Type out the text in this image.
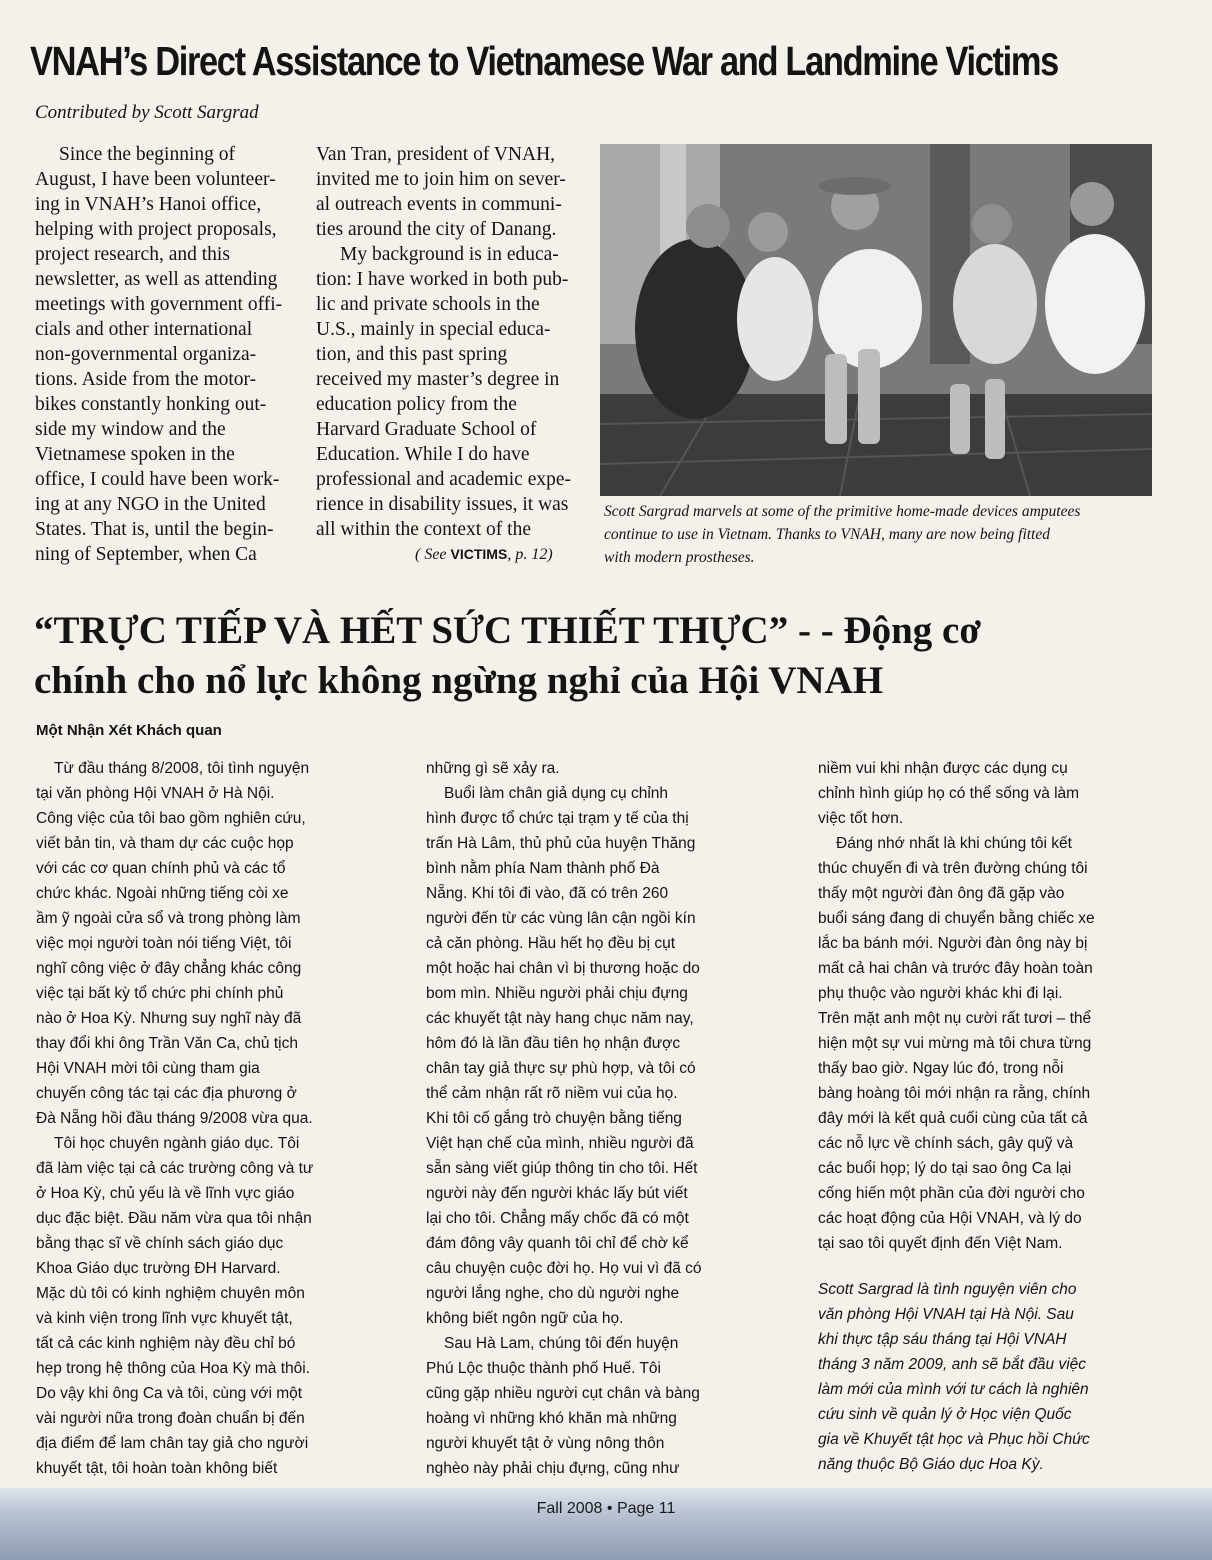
VNAH’s Direct Assistance to Vietnamese War and Landmine Victims
Contributed by Scott Sargrad

Since the beginning of
August, I have been volunteer-
ing in VNAH’s Hanoi office,
helping with project proposals,
project research, and this
newsletter, as well as attending
meetings with government offi-
cials and other international
non-governmental organiza-
tions. Aside from the motor-
bikes constantly honking out-
side my window and the
Vietnamese spoken in the
office, I could have been work-
ing at any NGO in the United
States. That is, until the begin-
ning of September, when Ca

Van Tran, president of VNAH,
invited me to join him on sever-
al outreach events in communi-
ties around the city of Danang.

My background is in educa-
tion: I have worked in both pub-
lic and private schools in the
U.S., mainly in special educa-
tion, and this past spring
received my master’s degree in
education policy from the
Harvard Graduate School of
Education. While I do have
professional and academic expe-
rience in disability issues, it was
all within the context of the

( See VICTIMS, p. 12)
Scott Sargrad marvels at some of the primitive home-made devices amputees
continue to use in Vietnam. Thanks to VNAH, many are now being fitted
with modern prostheses.
“TRỰC TIẾP VÀ HẾT SỨC THIẾT THỰC” - - Động cơ
chính cho nổ lực không ngừng nghỉ của Hội VNAH
Một Nhận Xét Khách quan

Từ đầu tháng 8/2008, tôi tình nguyện
tại văn phòng Hội VNAH ở Hà Nội.
Công việc của tôi bao gồm nghiên cứu,
viết bản tin, và tham dự các cuộc họp
với các cơ quan chính phủ và các tổ
chức khác. Ngoài những tiếng còi xe
ầm ỹ ngoài cửa sổ và trong phòng làm
việc mọi người toàn nói tiếng Việt, tôi
nghĩ công việc ở đây chẳng khác công
việc tại bất kỳ tổ chức phi chính phủ
nào ở Hoa Kỳ. Nhưng suy nghĩ này đã
thay đổi khi ông Trần Văn Ca, chủ tịch
Hội VNAH mời tôi cùng tham gia
chuyến công tác tại các địa phương ở
Đà Nẵng hồi đầu tháng 9/2008 vừa qua.

Tôi học chuyên ngành giáo dục. Tôi
đã làm việc tại cả các trường công và tư
ở Hoa Kỳ, chủ yếu là về lĩnh vực giáo
dục đặc biệt. Đầu năm vừa qua tôi nhận
bằng thạc sĩ về chính sách giáo dục
Khoa Giáo dục trường ĐH Harvard.
Mặc dù tôi có kinh nghiệm chuyên môn
và kinh viện trong lĩnh vực khuyết tật,
tất cả các kinh nghiệm này đều chỉ bó
hẹp trong hệ thông của Hoa Kỳ mà thôi.
Do vậy khi ông Ca và tôi, cùng với một
vài người nữa trong đoàn chuẩn bị đến
địa điểm để lam chân tay giả cho người
khuyết tật, tôi hoàn toàn không biết

những gì sẽ xảy ra.

Buổi làm chân giả dụng cụ chỉnh
hình được tổ chức tại trạm y tế của thị
trấn Hà Lâm, thủ phủ của huyện Thăng
bình nằm phía Nam thành phố Đà
Nẵng. Khi tôi đi vào, đã có trên 260
người đến từ các vùng lân cận ngồi kín
cả căn phòng. Hầu hết họ đều bị cụt
một hoặc hai chân vì bị thương hoặc do
bom mìn. Nhiều người phải chịu đựng
các khuyết tật này hang chục năm nay,
hôm đó là lần đầu tiên họ nhận được
chân tay giả thực sự phù hợp, và tôi có
thể cảm nhận rất rõ niềm vui của họ.
Khi tôi cố gắng trò chuyện bằng tiếng
Việt hạn chế của mình, nhiều người đã
sẵn sàng viết giúp thông tin cho tôi. Hết
người này đến người khác lấy bút viết
lại cho tôi. Chẳng mấy chốc đã có một
đám đông vây quanh tôi chỉ để chờ kể
câu chuyện cuộc đời họ. Họ vui vì đã có
người lắng nghe, cho dù người nghe
không biết ngôn ngữ của họ.

Sau Hà Lam, chúng tôi đến huyện
Phú Lộc thuộc thành phố Huế. Tôi
cũng gặp nhiều người cụt chân và bàng
hoàng vì những khó khăn mà những
người khuyết tật ở vùng nông thôn
nghèo này phải chịu đựng, cũng như

niềm vui khi nhận được các dụng cụ
chỉnh hình giúp họ có thể sống và làm
việc tốt hơn.

Đáng nhớ nhất là khi chúng tôi kết
thúc chuyến đi và trên đường chúng tôi
thấy một người đàn ông đã gặp vào
buổi sáng đang di chuyển bằng chiếc xe
lắc ba bánh mới. Người đàn ông này bị
mất cả hai chân và trước đây hoàn toàn
phụ thuộc vào người khác khi đi lại.
Trên mặt anh một nụ cười rất tươi – thể
hiện một sự vui mừng mà tôi chưa từng
thấy bao giờ. Ngay lúc đó, trong nỗi
bàng hoàng tôi mới nhận ra rằng, chính
đây mới là kết quả cuối cùng của tất cả
các nỗ lực về chính sách, gây quỹ và
các buổi họp; lý do tại sao ông Ca lại
cống hiến một phần của đời người cho
các hoạt động của Hội VNAH, và lý do
tại sao tôi quyết định đến Việt Nam.

Scott Sargrad là tình nguyện viên cho
văn phòng Hội VNAH tại Hà Nội. Sau
khi thực tập sáu tháng tại Hội VNAH
tháng 3 năm 2009, anh sẽ bắt đầu việc
làm mới của mình với tư cách là nghiên
cứu sinh về quản lý ở Học viện Quốc
gia về Khuyết tật học và Phục hồi Chức
năng thuộc Bộ Giáo dục Hoa Kỳ.

Fall 2008 • Page 11
